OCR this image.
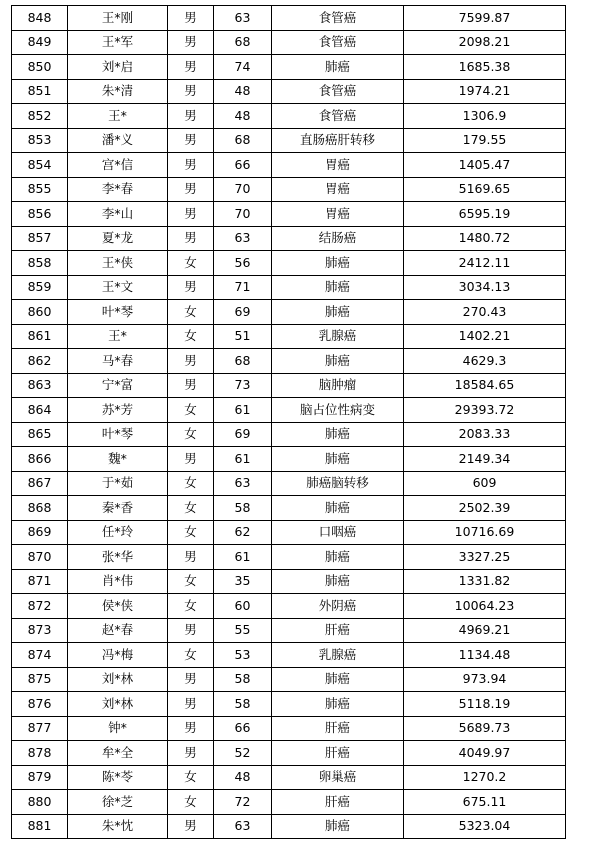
848	王*刚	男	63	食管癌	7599.87
849	王*军	男	68	食管癌	2098.21
850	刘*启	男	74	肺癌	1685.38
851	朱*清	男	48	食管癌	1974.21
852	王*	男	48	食管癌	1306.9
853	潘*义	男	68	直肠癌肝转移	179.55
854	宫*信	男	66	胃癌	1405.47
855	李*春	男	70	胃癌	5169.65
856	李*山	男	70	胃癌	6595.19
857	夏*龙	男	63	结肠癌	1480.72
858	王*侠	女	56	肺癌	2412.11
859	王*文	男	71	肺癌	3034.13
860	叶*琴	女	69	肺癌	270.43
861	王*	女	51	乳腺癌	1402.21
862	马*春	男	68	肺癌	4629.3
863	宁*富	男	73	脑肿瘤	18584.65
864	苏*芳	女	61	脑占位性病变	29393.72
865	叶*琴	女	69	肺癌	2083.33
866	魏*	男	61	肺癌	2149.34
867	于*茹	女	63	肺癌脑转移	609
868	秦*香	女	58	肺癌	2502.39
869	任*玲	女	62	口咽癌	10716.69
870	张*华	男	61	肺癌	3327.25
871	肖*伟	女	35	肺癌	1331.82
872	侯*侠	女	60	外阴癌	10064.23
873	赵*春	男	55	肝癌	4969.21
874	冯*梅	女	53	乳腺癌	1134.48
875	刘*林	男	58	肺癌	973.94
876	刘*林	男	58	肺癌	5118.19
877	钟*	男	66	肝癌	5689.73
878	牟*全	男	52	肝癌	4049.97
879	陈*苓	女	48	卵巢癌	1270.2
880	徐*芝	女	72	肝癌	675.11
881	朱*忱	男	63	肺癌	5323.04
